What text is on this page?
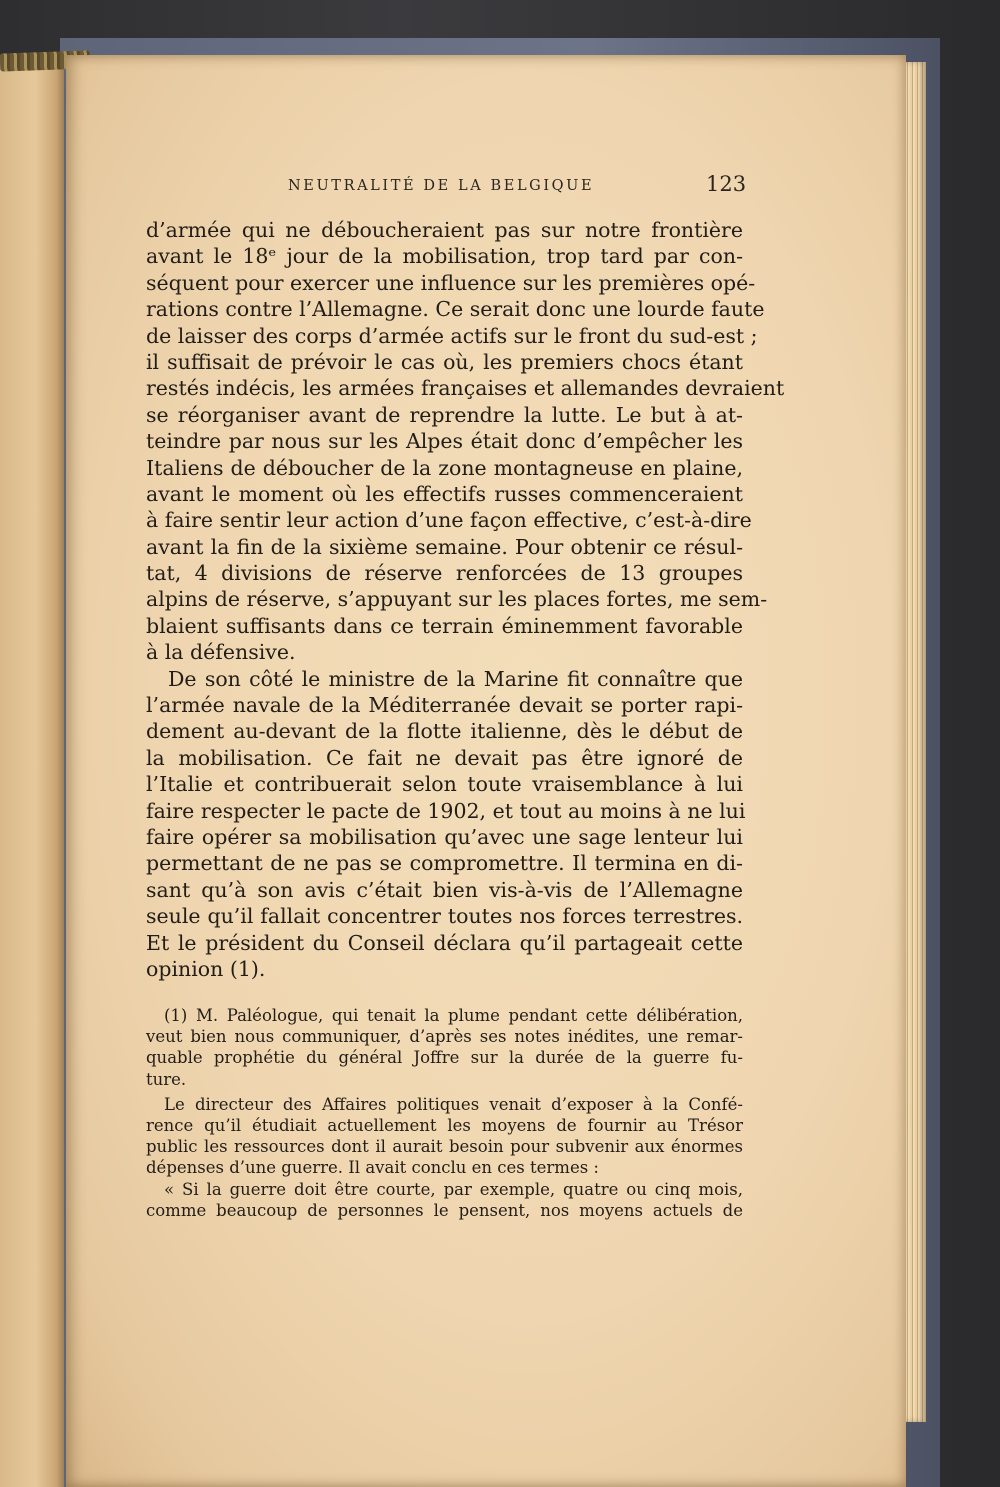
NEUTRALITÉ DE LA BELGIQUE	123
d’armée qui ne déboucheraient pas sur notre frontière
avant le 18ᵉ jour de la mobilisation, trop tard par con-
séquent pour exercer une influence sur les premières opé-
rations contre l’Allemagne. Ce serait donc une lourde faute
de laisser des corps d’armée actifs sur le front du sud-est ;
il suffisait de prévoir le cas où, les premiers chocs étant
restés indécis, les armées françaises et allemandes devraient
se réorganiser avant de reprendre la lutte. Le but à at-
teindre par nous sur les Alpes était donc d’empêcher les
Italiens de déboucher de la zone montagneuse en plaine,
avant le moment où les effectifs russes commenceraient
à faire sentir leur action d’une façon effective, c’est-à-dire
avant la fin de la sixième semaine. Pour obtenir ce résul-
tat, 4 divisions de réserve renforcées de 13 groupes
alpins de réserve, s’appuyant sur les places fortes, me sem-
blaient suffisants dans ce terrain éminemment favorable
à la défensive.
De son côté le ministre de la Marine fit connaître que
l’armée navale de la Méditerranée devait se porter rapi-
dement au-devant de la flotte italienne, dès le début de
la mobilisation. Ce fait ne devait pas être ignoré de
l’Italie et contribuerait selon toute vraisemblance à lui
faire respecter le pacte de 1902, et tout au moins à ne lui
faire opérer sa mobilisation qu’avec une sage lenteur lui
permettant de ne pas se compromettre. Il termina en di-
sant qu’à son avis c’était bien vis-à-vis de l’Allemagne
seule qu’il fallait concentrer toutes nos forces terrestres.
Et le président du Conseil déclara qu’il partageait cette
opinion (1).
(1) M. Paléologue, qui tenait la plume pendant cette délibération,
veut bien nous communiquer, d’après ses notes inédites, une remar-
quable prophétie du général Joffre sur la durée de la guerre fu-
ture.
Le directeur des Affaires politiques venait d’exposer à la Confé-
rence qu’il étudiait actuellement les moyens de fournir au Trésor
public les ressources dont il aurait besoin pour subvenir aux énormes
dépenses d’une guerre. Il avait conclu en ces termes :
« Si la guerre doit être courte, par exemple, quatre ou cinq mois,
comme beaucoup de personnes le pensent, nos moyens actuels de
